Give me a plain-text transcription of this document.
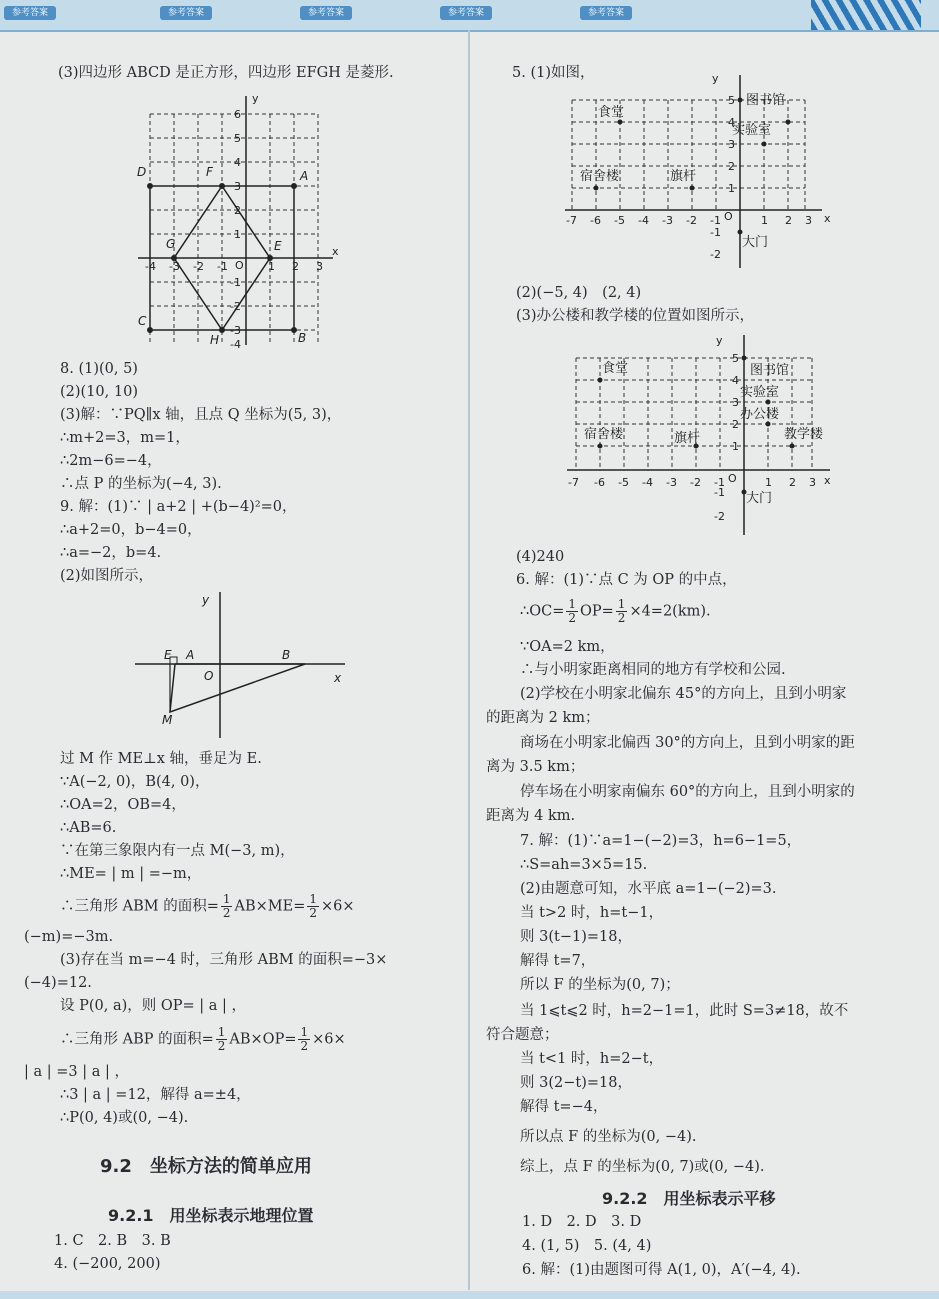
参考答案	参考答案	参考答案	参考答案	参考答案
(3)四边形 ABCD 是正方形，四边形 EFGH 是菱形.
y
x
O
-4 -3 -2 -1	1 2 3
6
5
4
3
2
1
-1
-2
-3
-4
D	F	A
G	E
C
H	B
8. (1)(0, 5)
(2)(10, 10)
(3)解：∵PQ∥x 轴，且点 Q 坐标为(5, 3)，
∴m+2=3，m=1，
∴2m−6=−4，
∴点 P 的坐标为(−4, 3).
9. 解：(1)∵ | a+2 | +(b−4)²=0，
∴a+2=0，b−4=0，
∴a=−2，b=4.
(2)如图所示，
y
x
E A
O
B
M
过 M 作 ME⊥x 轴，垂足为 E.
∵A(−2, 0)，B(4, 0)，
∴OA=2，OB=4，
∴AB=6.
∵在第三象限内有一点 M(−3, m)，
∴ME= | m | =−m，
∴三角形 ABM 的面积= $\frac{1}{2} AB\times ME= \frac{1}{2} \times 6\times$
(−m)=−3m.
(3)存在当 m=−4 时，三角形 ABM 的面积=−3×
(−4)=12.
设 P(0, a)，则 OP= | a | ，
∴三角形 ABP 的面积= $\frac{1}{2} AB\times OP= \frac{1}{2} \times 6\times$
| a | =3 | a | ，
∴3 | a | =12，解得 a=±4，
∴P(0, 4)或(0, −4).
9.2　坐标方法的简单应用
9.2.1　用坐标表示地理位置
1. C　2. B　3. B
4. (−200, 200)
5. (1)如图，
食堂
图书馆
实验室
宿舍楼	旗杆
大门
y
x
O
5
4
3
2
1
-1
-2
-7 -6 -5 -4 -3 -2 -1	1 2 3
(2)(−5, 4)　(2, 4)
(3)办公楼和教学楼的位置如图所示，
食堂	图书馆
实验室
办公楼
宿舍楼	旗杆	教学楼
大门
y
x
O
5
4
3
2
1
-1
-2
-7 -6 -5 -4 -3 -2 -1	1 2 3
(4)240
6. 解：(1)∵点 C 为 OP 的中点，
∴OC= $\frac{1}{2} OP= \frac{1}{2} \times 4=2(km)$.
∵OA=2 km，
∴与小明家距离相同的地方有学校和公园.
(2)学校在小明家北偏东 45°的方向上，且到小明家
的距离为 2 km；
商场在小明家北偏西 30°的方向上，且到小明家的距
离为 3.5 km；
停车场在小明家南偏东 60°的方向上，且到小明家的
距离为 4 km.
7. 解：(1)∵a=1−(−2)=3，h=6−1=5，
∴S=ah=3×5=15.
(2)由题意可知，水平底 a=1−(−2)=3.
当 t>2 时，h=t−1，
则 3(t−1)=18，
解得 t=7，
所以 F 的坐标为(0, 7)；
当 1⩽t⩽2 时，h=2−1=1，此时 S=3≠18，故不
符合题意；
当 t<1 时，h=2−t，
则 3(2−t)=18，
解得 t=−4，
所以点 F 的坐标为(0, −4).
综上，点 F 的坐标为(0, 7)或(0, −4).
9.2.2　用坐标表示平移
1. D　2. D　3. D
4. (1, 5)　5. (4, 4)
6. 解：(1)由题图可得 A(1, 0)，A′(−4, 4).
